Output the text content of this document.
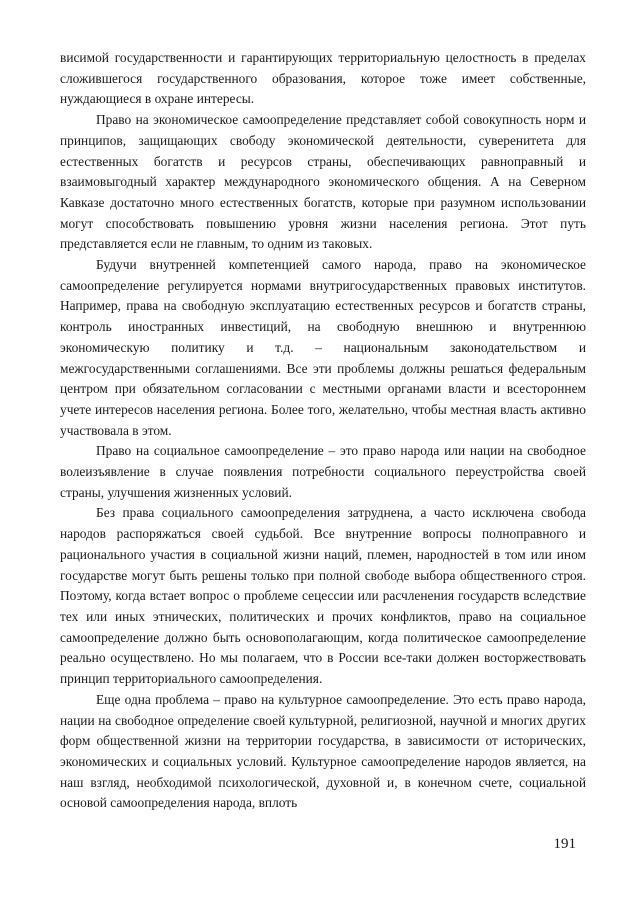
висимой государственности и гарантирующих территориальную целостность в пределах сложившегося государственного образования, которое тоже имеет собственные, нуждающиеся в охране интересы.

Право на экономическое самоопределение представляет собой совокупность норм и принципов, защищающих свободу экономической деятельности, суверенитета для естественных богатств и ресурсов страны, обеспечивающих равноправный и взаимовыгодный характер международного экономического общения. А на Северном Кавказе достаточно много естественных богатств, которые при разумном использовании могут способствовать повышению уровня жизни населения региона. Этот путь представляется если не главным, то одним из таковых.

Будучи внутренней компетенцией самого народа, право на экономическое самоопределение регулируется нормами внутригосударственных правовых институтов. Например, права на свободную эксплуатацию естественных ресурсов и богатств страны, контроль иностранных инвестиций, на свободную внешнюю и внутреннюю экономическую политику и т.д. – национальным законодательством и межгосударственными соглашениями. Все эти проблемы должны решаться федеральным центром при обязательном согласовании с местными органами власти и всестороннем учете интересов населения региона. Более того, желательно, чтобы местная власть активно участвовала в этом.

Право на социальное самоопределение – это право народа или нации на свободное волеизъявление в случае появления потребности социального переустройства своей страны, улучшения жизненных условий.

Без права социального самоопределения затруднена, а часто исключена свобода народов распоряжаться своей судьбой. Все внутренние вопросы полноправного и рационального участия в социальной жизни наций, племен, народностей в том или ином государстве могут быть решены только при полной свободе выбора общественного строя. Поэтому, когда встает вопрос о проблеме сецессии или расчленения государств вследствие тех или иных этнических, политических и прочих конфликтов, право на социальное самоопределение должно быть основополагающим, когда политическое самоопределение реально осуществлено. Но мы полагаем, что в России все-таки должен восторжествовать принцип территориального самоопределения.

Еще одна проблема – право на культурное самоопределение. Это есть право народа, нации на свободное определение своей культурной, религиозной, научной и многих других форм общественной жизни на территории государства, в зависимости от исторических, экономических и социальных условий. Культурное самоопределение народов является, на наш взгляд, необходимой психологической, духовной и, в конечном счете, социальной основой самоопределения народа, вплоть

191
